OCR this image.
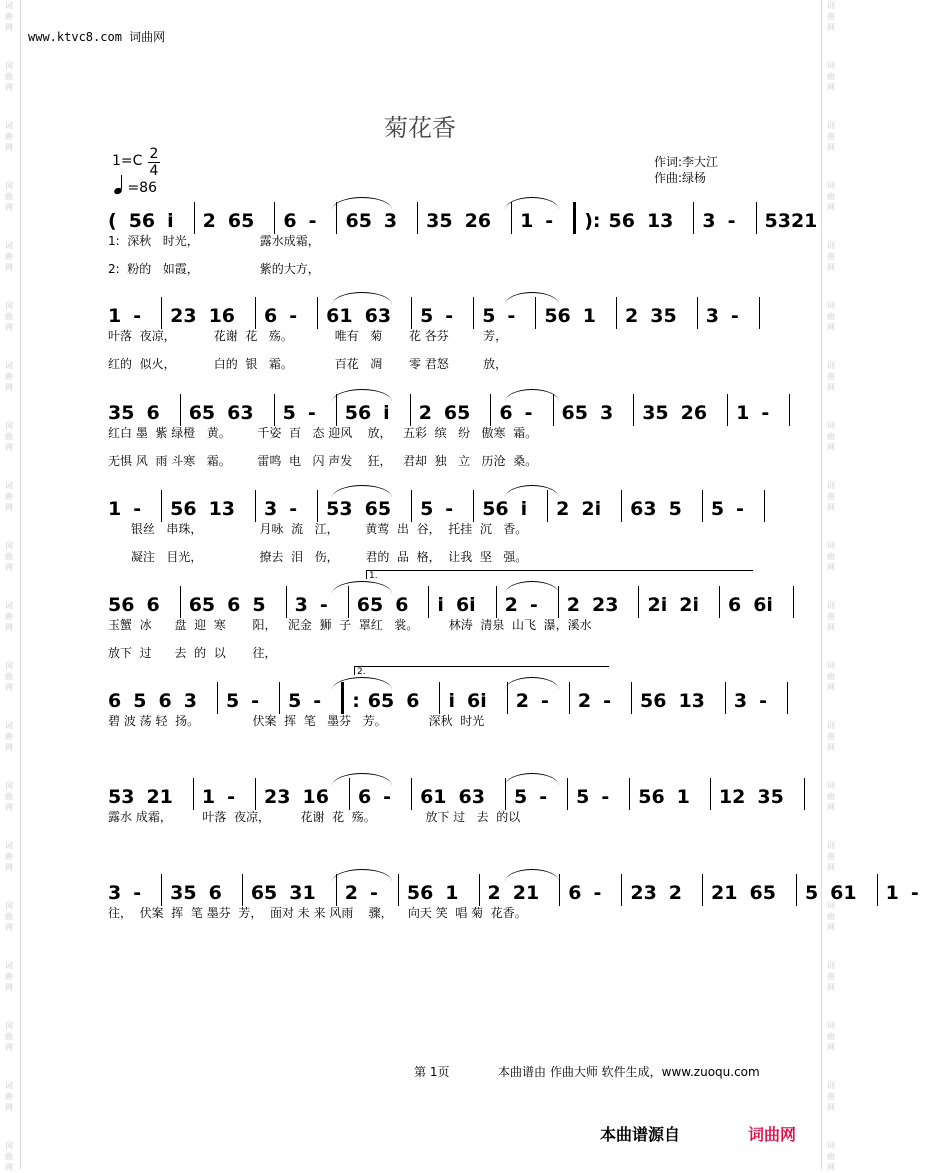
词
曲
网
词
曲
网
词
曲
网
词
曲
网
词
曲
网
词
曲
网
词
曲
网
词
曲
网
词
曲
网
词
曲
网
词
曲
网
词
曲
网
词
曲
网
词
曲
网
词
曲
网
词
曲
网
词
曲
网
词
曲
网
词
曲
网
词
曲
网
词
曲
网
词
曲
网
词
曲
网
词
曲
网
词
曲
网
词
曲
网
词
曲
网
词
曲
网
词
曲
网
词
曲
网
词
曲
网
词
曲
网
词
曲
网
词
曲
网
词
曲
网
词
曲
网
词
曲
网
词
曲
网
词
曲
网
词
曲
网
www.ktvc8.com 词曲网
菊花香
1=C 2
4
=86
作词:李大江
作曲:绿杨
( 56 i 2 65 6 - 65 3 35 26 1 - ): 56 13 3 - 5321
1:  深秋   时光，                露水成霜，
2:  粉的   如霞，                紫的大方，
1 - 23 16 6 - 61 63 5 - 5 - 56 1 2 35 3 -
叶落  夜凉，          花谢  花   殇。           唯有   菊       花 各芬         芳，
红的  似火，          白的  银   霜。           百花   凋       零 君怒         放，
35 6 65 63 5 - 56 i 2 65 6 - 65 3 35 26 1 -
红白 墨  紫 绿橙   黄。       千姿  百   态 迎风    放，   五彩  缤   纷   傲寒  霜。
无惧 风  雨 斗寒   霜。       雷鸣  电   闪 声发    狂，   君却  独   立   历沧  桑。
1 - 56 13 3 - 53 65 5 - 56 i 2 2i 63 5 5 -
银丝   串珠，               月咏  流   江，       黄莺  出  谷，  托挂  沉   香。
凝注   目光，               撩去  泪   伤，       君的  品  格，  让我  坚   强。
56 6 65 6 5 3 - 65 6 i 6i 2 - 2 23 2i 2i 6 6i
玉蟹  冰      盘  迎  寒       阳，   泥金  狮  子  罩红   裳。        林涛  清泉  山飞  瀑，溪水
放下  过      去  的  以       往，
6 5 6 3 5 - 5 - : 65 6 i 6i 2 - 2 - 56 13 3 -
碧 波 荡 轻  扬。              伏案  挥  笔   墨芬   芳。           深秋  时光
53 21 1 - 23 16 6 - 61 63 5 - 5 - 56 1 12 35
露水 成霜，        叶落  夜凉，        花谢  花  殇。             放下 过   去  的以
3 - 35 6 65 31 2 - 56 1 2 21 6 - 23 2 21 65 5 61 1 -
往，  伏案  挥  笔 墨芬  芳，  面对 未 来 风雨    骤，    向天 笑  唱 菊  花香。
1.
2.
第 1页	本曲谱由 作曲大师 软件生成，www.zuoqu.com
本曲谱源自	词曲网
